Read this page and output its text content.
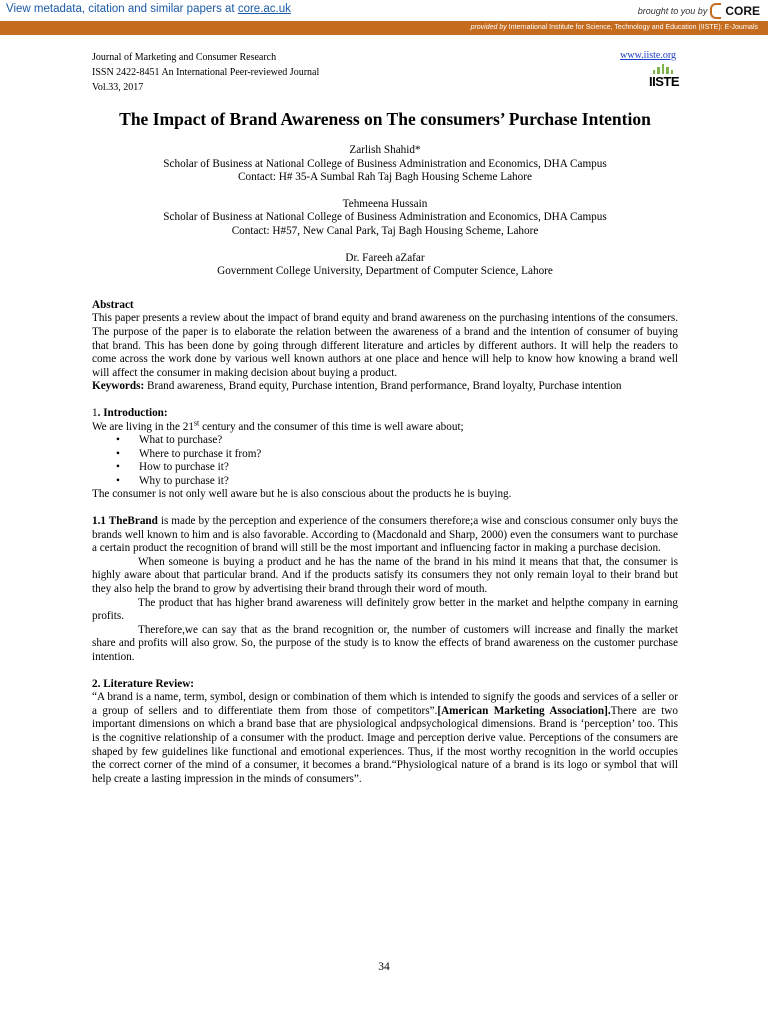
View metadata, citation and similar papers at core.ac.uk	brought to you by CORE
provided by International Institute for Science, Technology and Education (IISTE): E-Journals
Journal of Marketing and Consumer Research
ISSN 2422-8451 An International Peer-reviewed Journal
Vol.33, 2017
www.iiste.org
IISTE
The Impact of Brand Awareness on The consumers’ Purchase Intention
Zarlish Shahid*
Scholar of Business at National College of Business Administration and Economics, DHA Campus
Contact: H# 35-A Sumbal Rah Taj Bagh Housing Scheme Lahore
Tehmeena Hussain
Scholar of Business at National College of Business Administration and Economics, DHA Campus
Contact: H#57, New Canal Park, Taj Bagh Housing Scheme, Lahore
Dr. Fareeh aZafar
Government College University, Department of Computer Science, Lahore
Abstract

This paper presents a review about the impact of brand equity and brand awareness on the purchasing intentions of the consumers. The purpose of the paper is to elaborate the relation between the awareness of a brand and the intention of consumer of buying that brand. This has been done by going through different literature and articles by different authors. It will help the readers to come across the work done by various well known authors at one place and hence will help to know how knowing a brand well will affect the consumer in making decision about buying a product.

Keywords: Brand awareness, Brand equity, Purchase intention, Brand performance, Brand loyalty, Purchase intention

1. Introduction:
We are living in the 21st century and the consumer of this time is well aware about;
• What to purchase?
• Where to purchase it from?
• How to purchase it?
• Why to purchase it?
The consumer is not only well aware but he is also conscious about the products he is buying.

1.1 TheBrand is made by the perception and experience of the consumers therefore;a wise and conscious consumer only buys the brands well known to him and is also favorable. According to (Macdonald and Sharp, 2000) even the consumers want to purchase a certain product the recognition of brand will still be the most important and influencing factor in making a purchase decision.

When someone is buying a product and he has the name of the brand in his mind it means that that, the consumer is highly aware about that particular brand. And if the products satisfy its consumers they not only remain loyal to their brand but they also help the brand to grow by advertising their brand through their word of mouth.

The product that has higher brand awareness will definitely grow better in the market and helpthe company in earning profits.

Therefore,we can say that as the brand recognition or, the number of customers will increase and finally the market share and profits will also grow. So, the purpose of the study is to know the effects of brand awareness on the customer purchase intention.

2. Literature Review:

“A brand is a name, term, symbol, design or combination of them which is intended to signify the goods and services of a seller or a group of sellers and to differentiate them from those of competitors”.[American Marketing Association].There are two important dimensions on which a brand base that are physiological andpsychological dimensions. Brand is ‘perception’ too. This is the cognitive relationship of a consumer with the product. Image and perception derive value. Perceptions of the consumers are shaped by few guidelines like functional and emotional experiences. Thus, if the most worthy recognition in the world occupies the correct corner of the mind of a consumer, it becomes a brand.“Physiological nature of a brand is its logo or symbol that will help create a lasting impression in the minds of consumers”.

34
